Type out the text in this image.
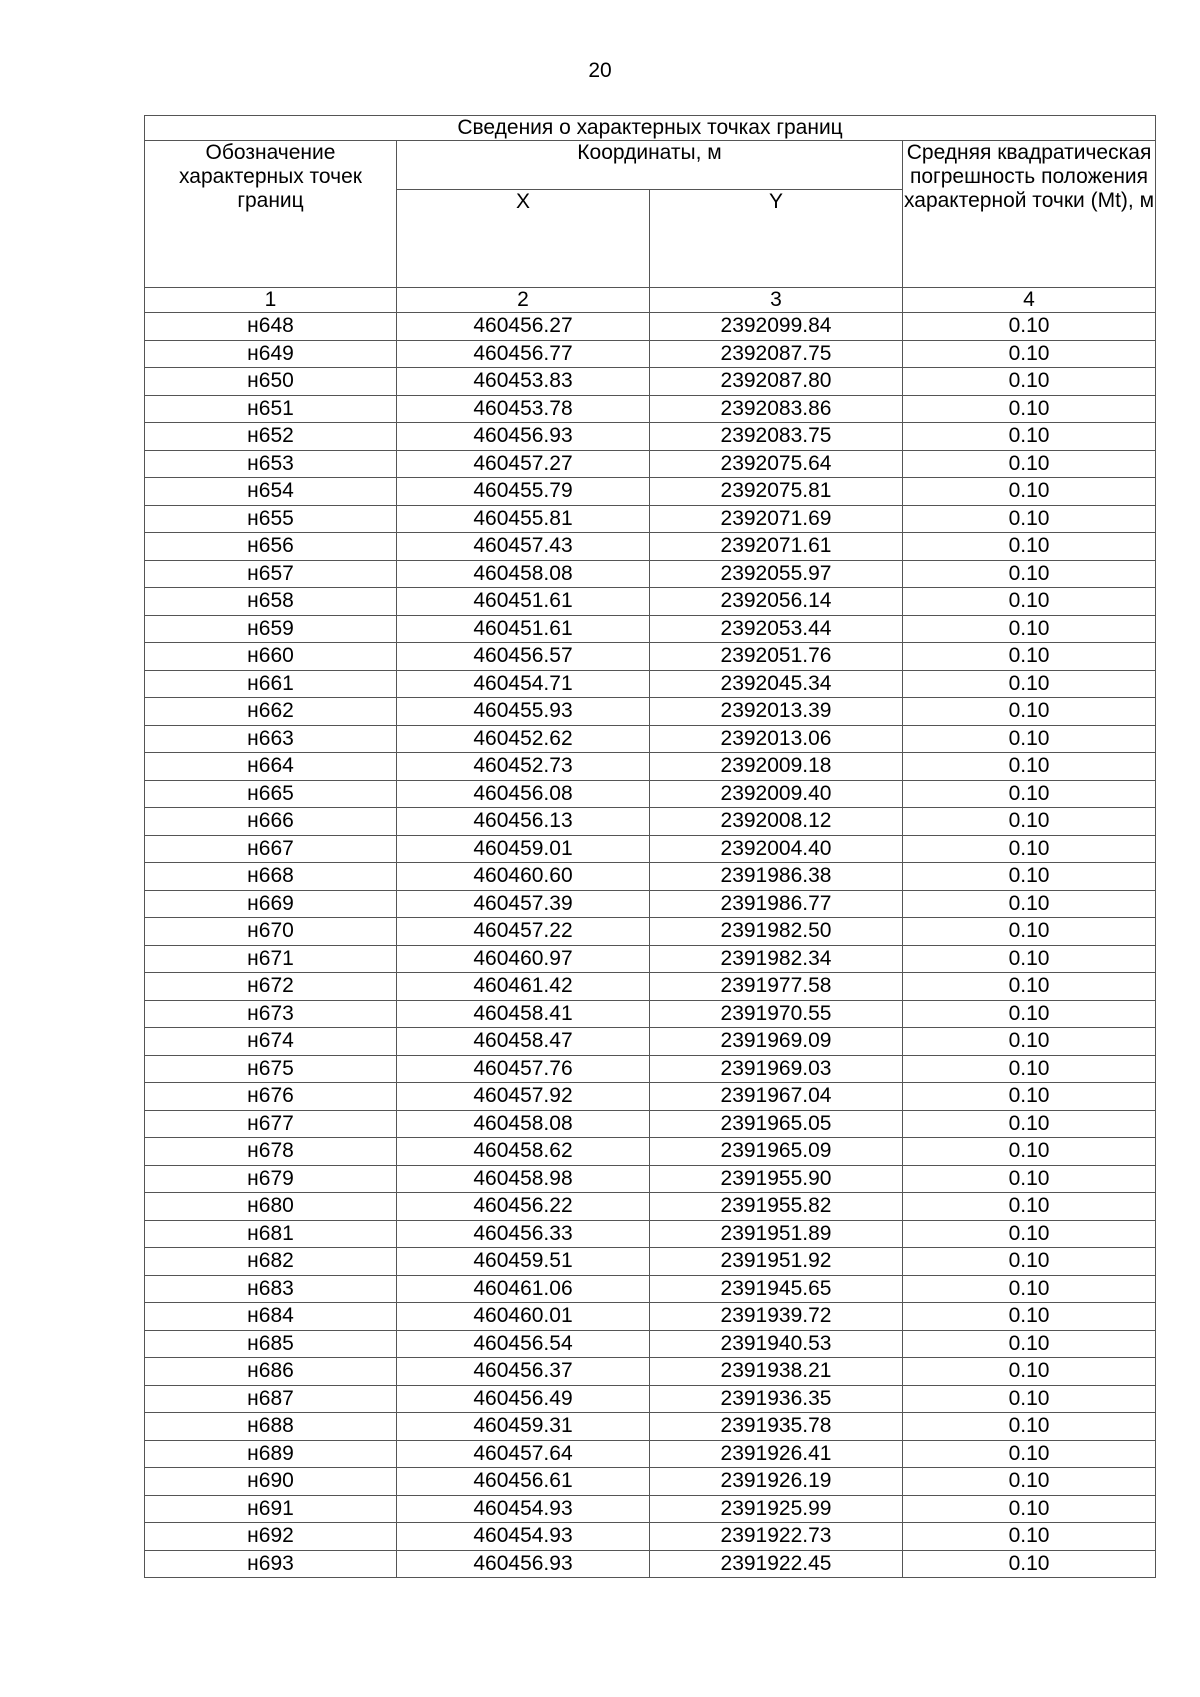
20
Сведения о характерных точках границ			
Обозначение характерных точек границ	Координаты, м		Средняя квадратическая погрешность положения характерной точки (Mt), м
	X	Y	
1	2	3	4
н648	460456.27	2392099.84	0.10
н649	460456.77	2392087.75	0.10
н650	460453.83	2392087.80	0.10
н651	460453.78	2392083.86	0.10
н652	460456.93	2392083.75	0.10
н653	460457.27	2392075.64	0.10
н654	460455.79	2392075.81	0.10
н655	460455.81	2392071.69	0.10
н656	460457.43	2392071.61	0.10
н657	460458.08	2392055.97	0.10
н658	460451.61	2392056.14	0.10
н659	460451.61	2392053.44	0.10
н660	460456.57	2392051.76	0.10
н661	460454.71	2392045.34	0.10
н662	460455.93	2392013.39	0.10
н663	460452.62	2392013.06	0.10
н664	460452.73	2392009.18	0.10
н665	460456.08	2392009.40	0.10
н666	460456.13	2392008.12	0.10
н667	460459.01	2392004.40	0.10
н668	460460.60	2391986.38	0.10
н669	460457.39	2391986.77	0.10
н670	460457.22	2391982.50	0.10
н671	460460.97	2391982.34	0.10
н672	460461.42	2391977.58	0.10
н673	460458.41	2391970.55	0.10
н674	460458.47	2391969.09	0.10
н675	460457.76	2391969.03	0.10
н676	460457.92	2391967.04	0.10
н677	460458.08	2391965.05	0.10
н678	460458.62	2391965.09	0.10
н679	460458.98	2391955.90	0.10
н680	460456.22	2391955.82	0.10
н681	460456.33	2391951.89	0.10
н682	460459.51	2391951.92	0.10
н683	460461.06	2391945.65	0.10
н684	460460.01	2391939.72	0.10
н685	460456.54	2391940.53	0.10
н686	460456.37	2391938.21	0.10
н687	460456.49	2391936.35	0.10
н688	460459.31	2391935.78	0.10
н689	460457.64	2391926.41	0.10
н690	460456.61	2391926.19	0.10
н691	460454.93	2391925.99	0.10
н692	460454.93	2391922.73	0.10
н693	460456.93	2391922.45	0.10
